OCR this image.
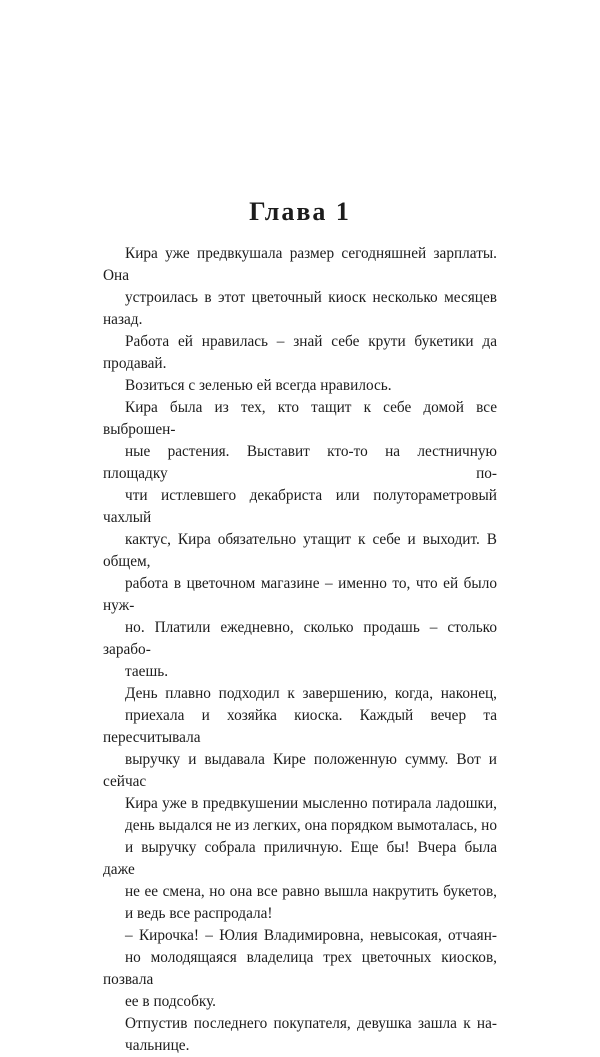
Глава 1

Кира уже предвкушала размер сегодняшней зарплаты. Она
устроилась в этот цветочный киоск несколько месяцев назад.
Работа ей нравилась – знай себе крути букетики да продавай.

Возиться с зеленью ей всегда нравилось.

Кира была из тех, кто тащит к себе домой все выброшен-
ные растения. Выставит кто-то на лестничную площадку по-
чти истлевшего декабриста или полутораметровый чахлый
кактус, Кира обязательно утащит к себе и выходит. В общем,
работа в цветочном магазине – именно то, что ей было нуж-
но. Платили ежедневно, сколько продашь – столько зарабо-
таешь.

День плавно подходил к завершению, когда, наконец,
приехала и хозяйка киоска. Каждый вечер та пересчитывала
выручку и выдавала Кире положенную сумму. Вот и сейчас
Кира уже в предвкушении мысленно потирала ладошки,
день выдался не из легких, она порядком вымоталась, но
и выручку собрала приличную. Еще бы! Вчера была даже
не ее смена, но она все равно вышла накрутить букетов,
и ведь все распродала!

– Кирочка! – Юлия Владимировна, невысокая, отчаян-
но молодящаяся владелица трех цветочных киосков, позвала
ее в подсобку.

Отпустив последнего покупателя, девушка зашла к на-
чальнице.
